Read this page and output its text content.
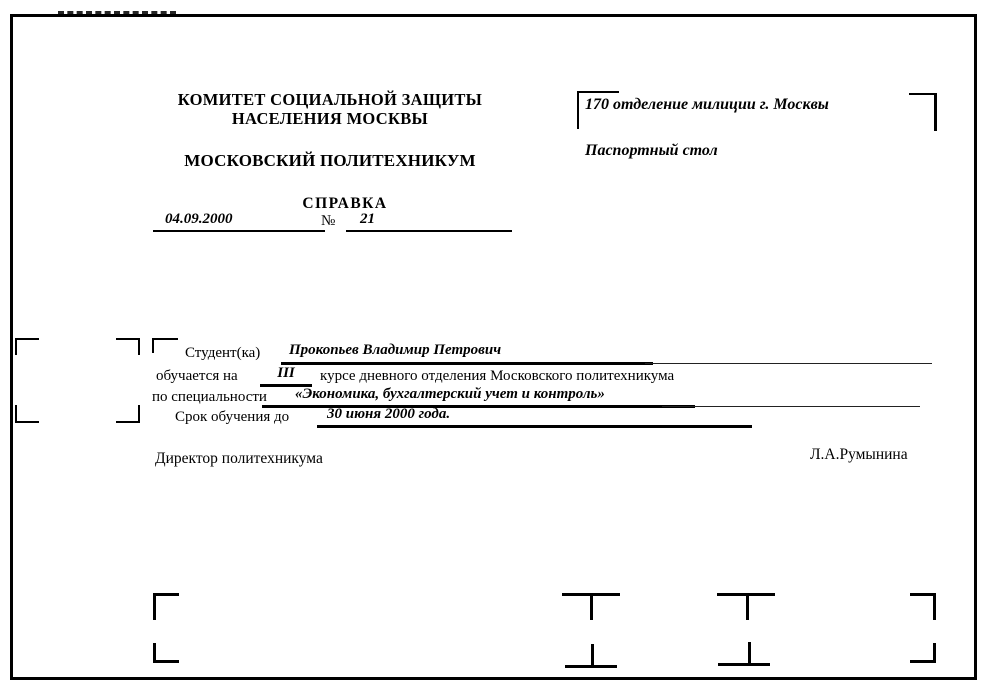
КОМИТЕТ СОЦИАЛЬНОЙ ЗАЩИТЫ
НАСЕЛЕНИЯ МОСКВЫ
МОСКОВСКИЙ ПОЛИТЕХНИКУМ
СПРАВКА
04.09.2000	№	21
170 отделение милиции г. Москвы
Паспортный стол
Студент(ка)	Прокопьев Владимир Петрович
обучается на	III	курсе дневного отделения Московского политехникума
по специальности	«Экономика, бухгалтерский учет и контроль»
Срок обучения до	30 июня 2000 года.
Директор политехникума	Л.А.Румынина
